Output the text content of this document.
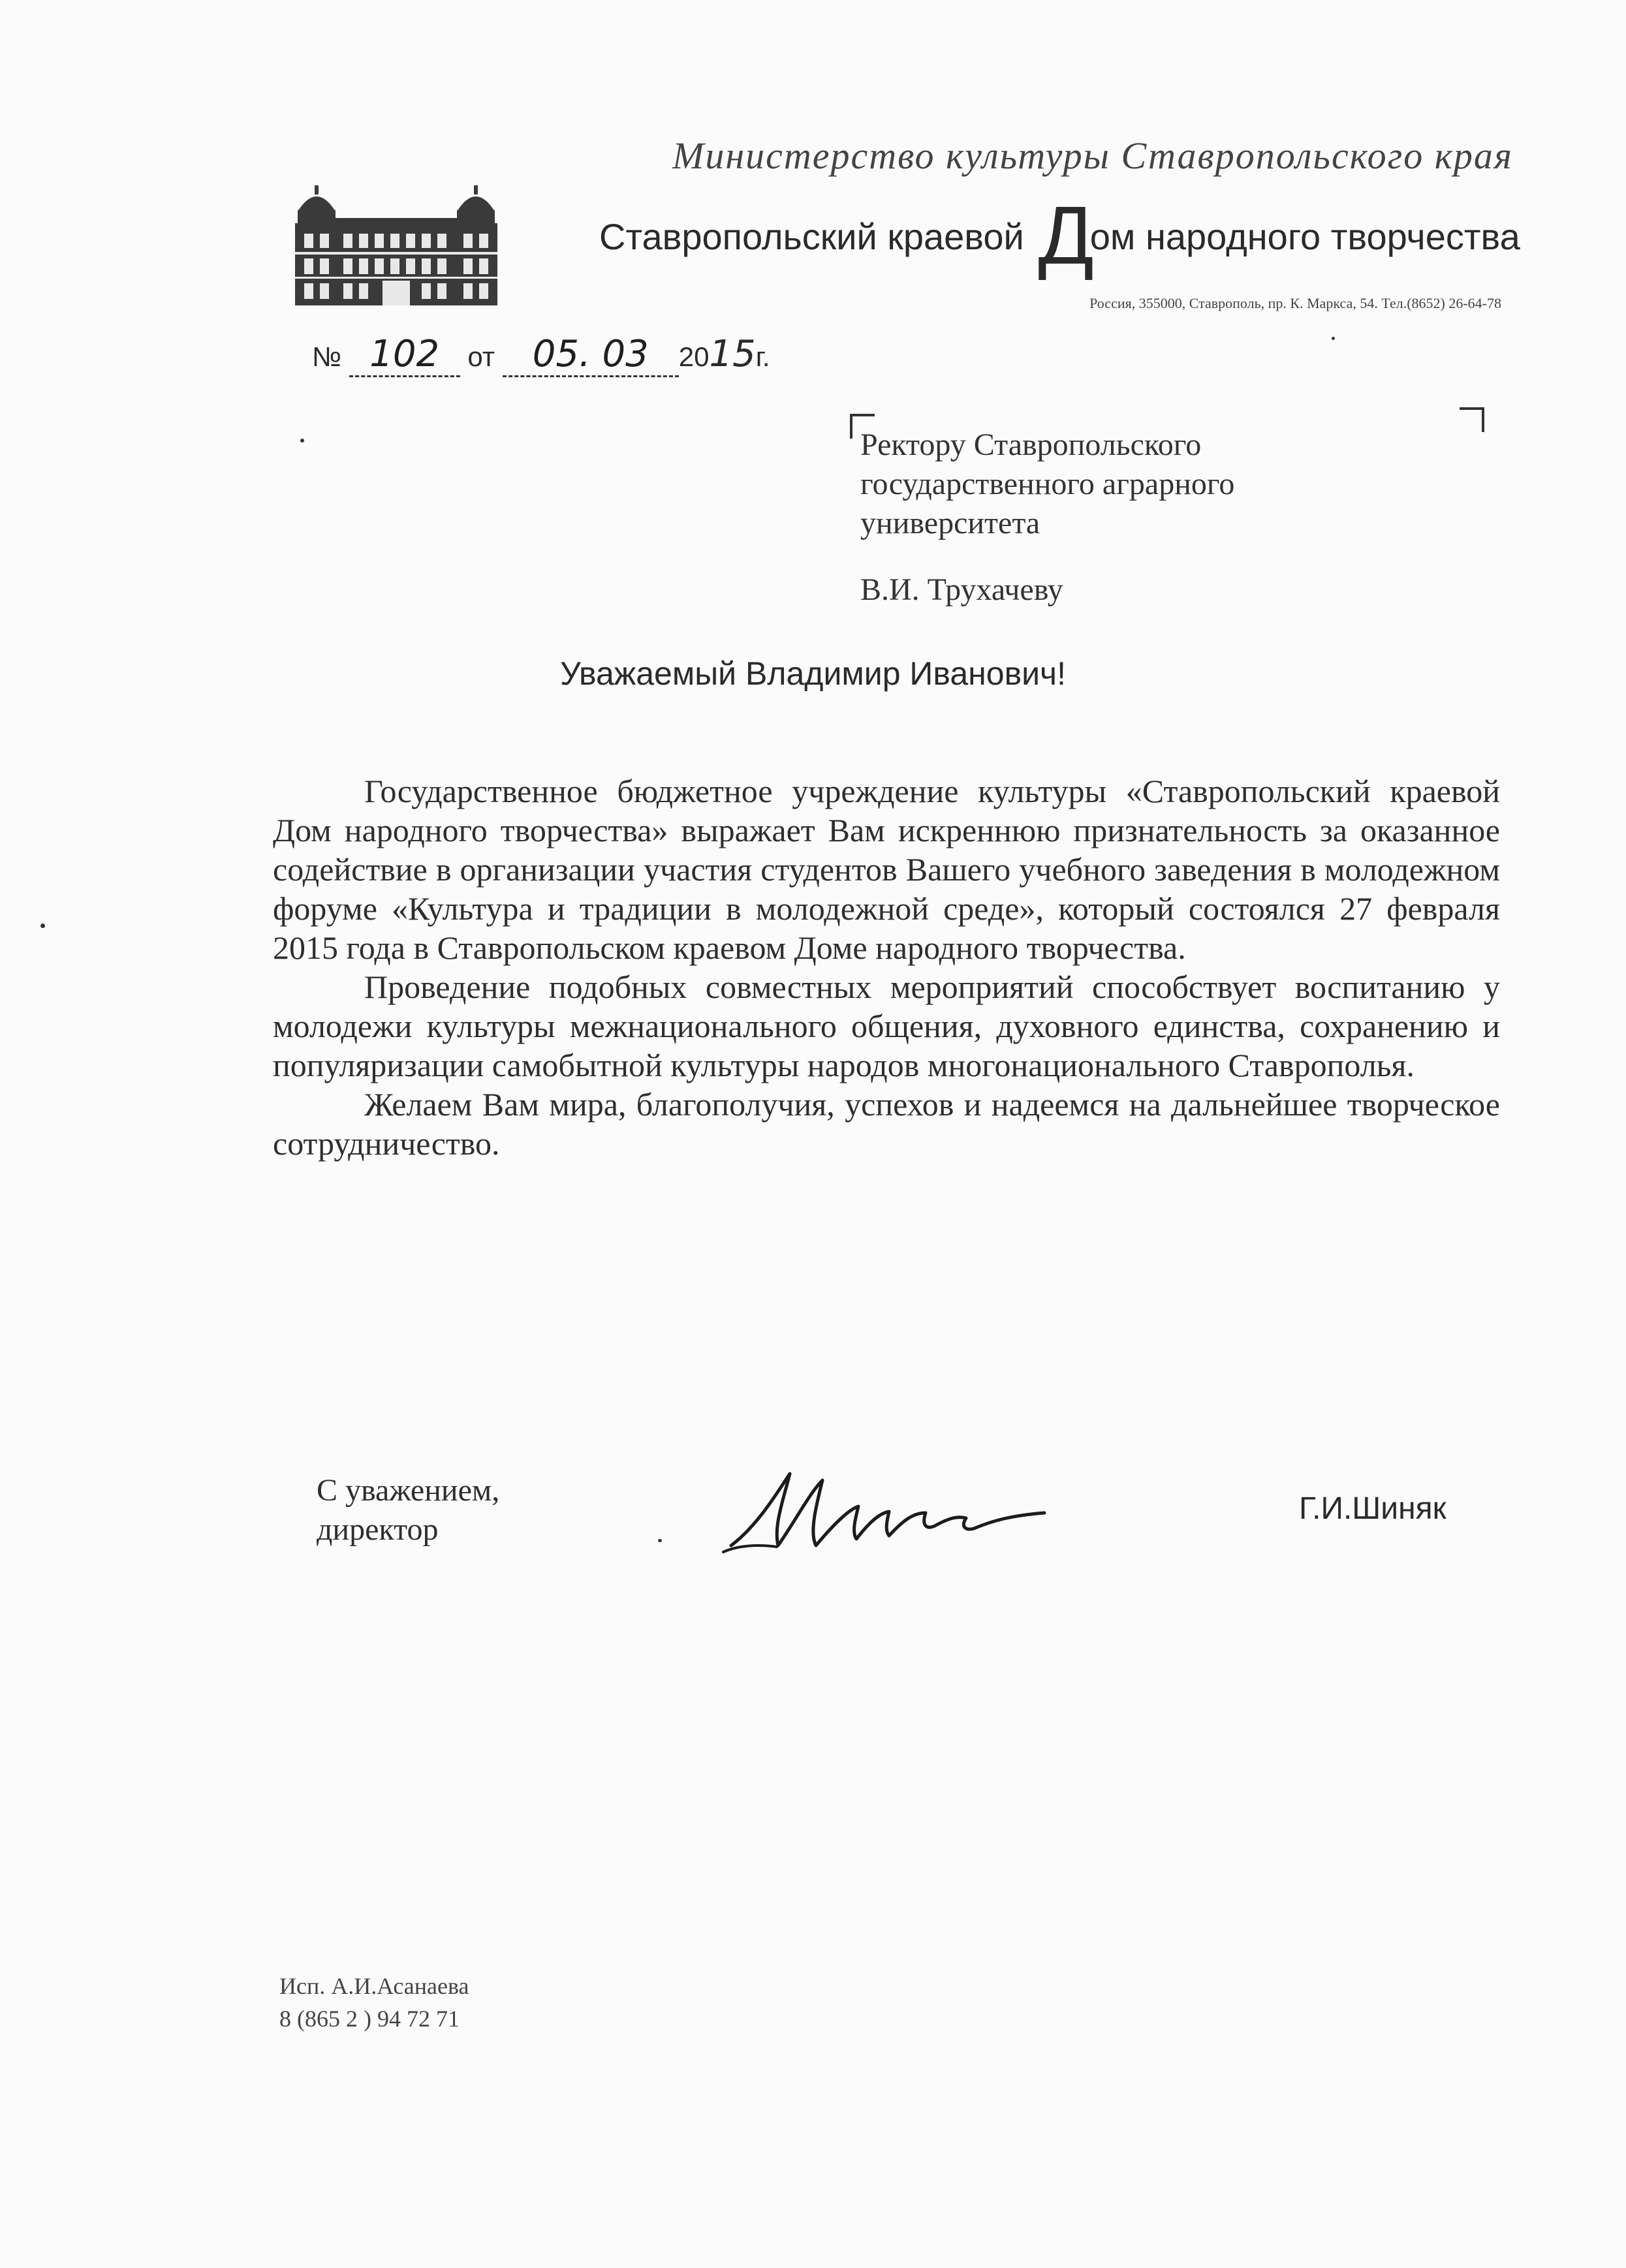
Министерство культуры Ставропольского края
Ставропольский краевой Дом народного творчества
Россия, 355000, Ставрополь, пр. К. Маркса, 54. Тел.(8652) 26-64-78
№ 102 от 05. 03 2015г.
Ректору Ставропольского
государственного аграрного
университета
В.И. Трухачеву
Уважаемый Владимир Иванович!

Государственное бюджетное учреждение культуры «Ставропольский краевой Дом народного творчества» выражает Вам искреннюю признательность за оказанное содействие в организации участия студентов Вашего учебного заведения в молодежном форуме «Культура и традиции в молодежной среде», который состоялся 27 февраля 2015 года в Ставропольском краевом Доме народного творчества.

Проведение подобных совместных мероприятий способствует воспитанию у молодежи культуры межнационального общения, духовного единства, сохранению и популяризации самобытной культуры народов многонационального Ставрополья.

Желаем Вам мира, благополучия, успехов и надеемся на дальнейшее творческое сотрудничество.

С уважением,
директор
Г.И.Шиняк
Исп. А.И.Асанаева
8 (865 2 ) 94 72 71
